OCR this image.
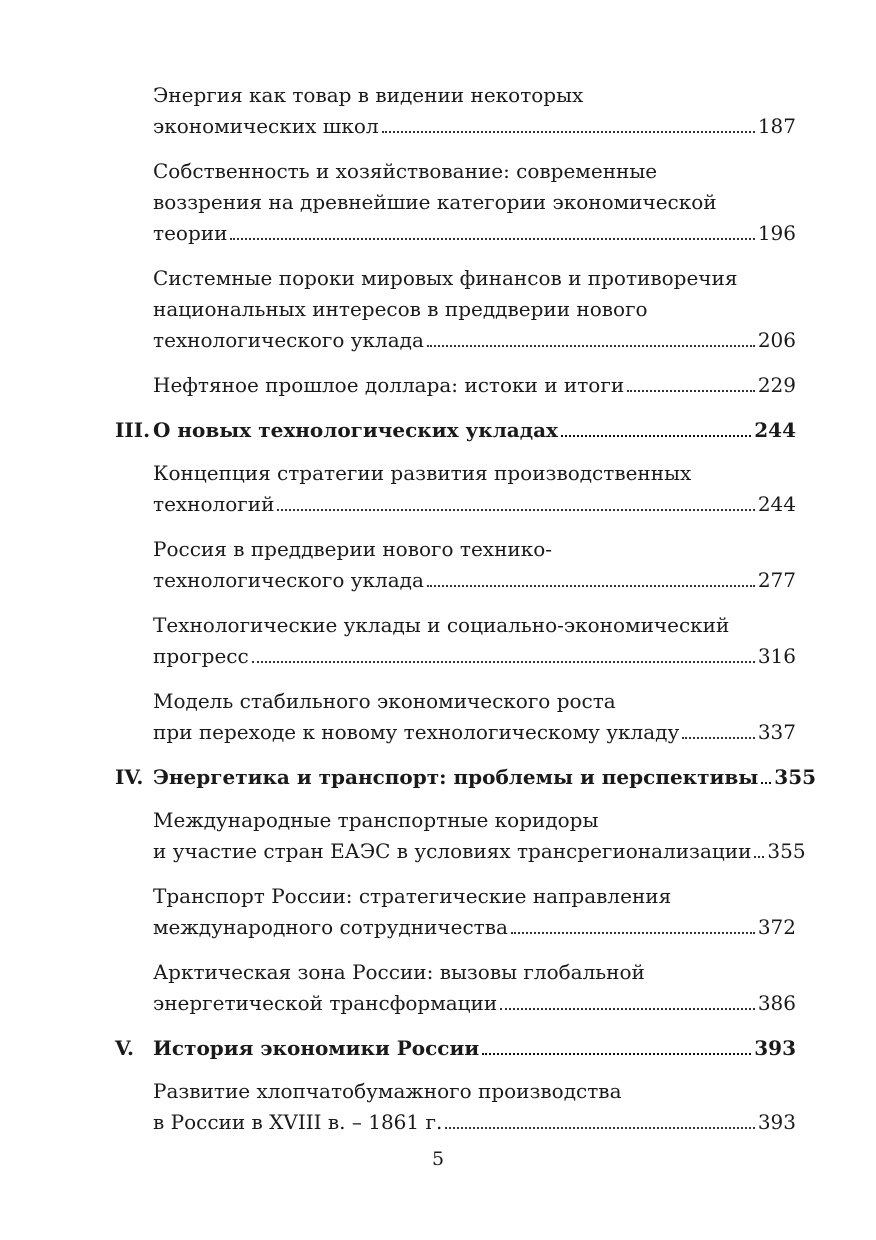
Энергия как товар в видении некоторых
экономических школ	187
Собственность и хозяйствование: современные
воззрения на древнейшие категории экономической
теории	196
Системные пороки мировых финансов и противоречия
национальных интересов в преддверии нового
технологического уклада	206
Нефтяное прошлое доллара: истоки и итоги	229
III. О новых технологических укладах	244
Концепция стратегии развития производственных
технологий	244
Россия в преддверии нового технико-
технологического уклада	277
Технологические уклады и социально-экономический
прогресс	316
Модель стабильного экономического роста
при переходе к новому технологическому укладу	337
IV. Энергетика и транспорт: проблемы и перспективы 355
Международные транспортные коридоры
и участие стран ЕАЭС в условиях трансрегионализации 355
Транспорт России: стратегические направления
международного сотрудничества	372
Арктическая зона России: вызовы глобальной
энергетической трансформации	386
V. История экономики России	393
Развитие хлопчатобумажного производства
в России в XVIII в. – 1861 г.	393
5
